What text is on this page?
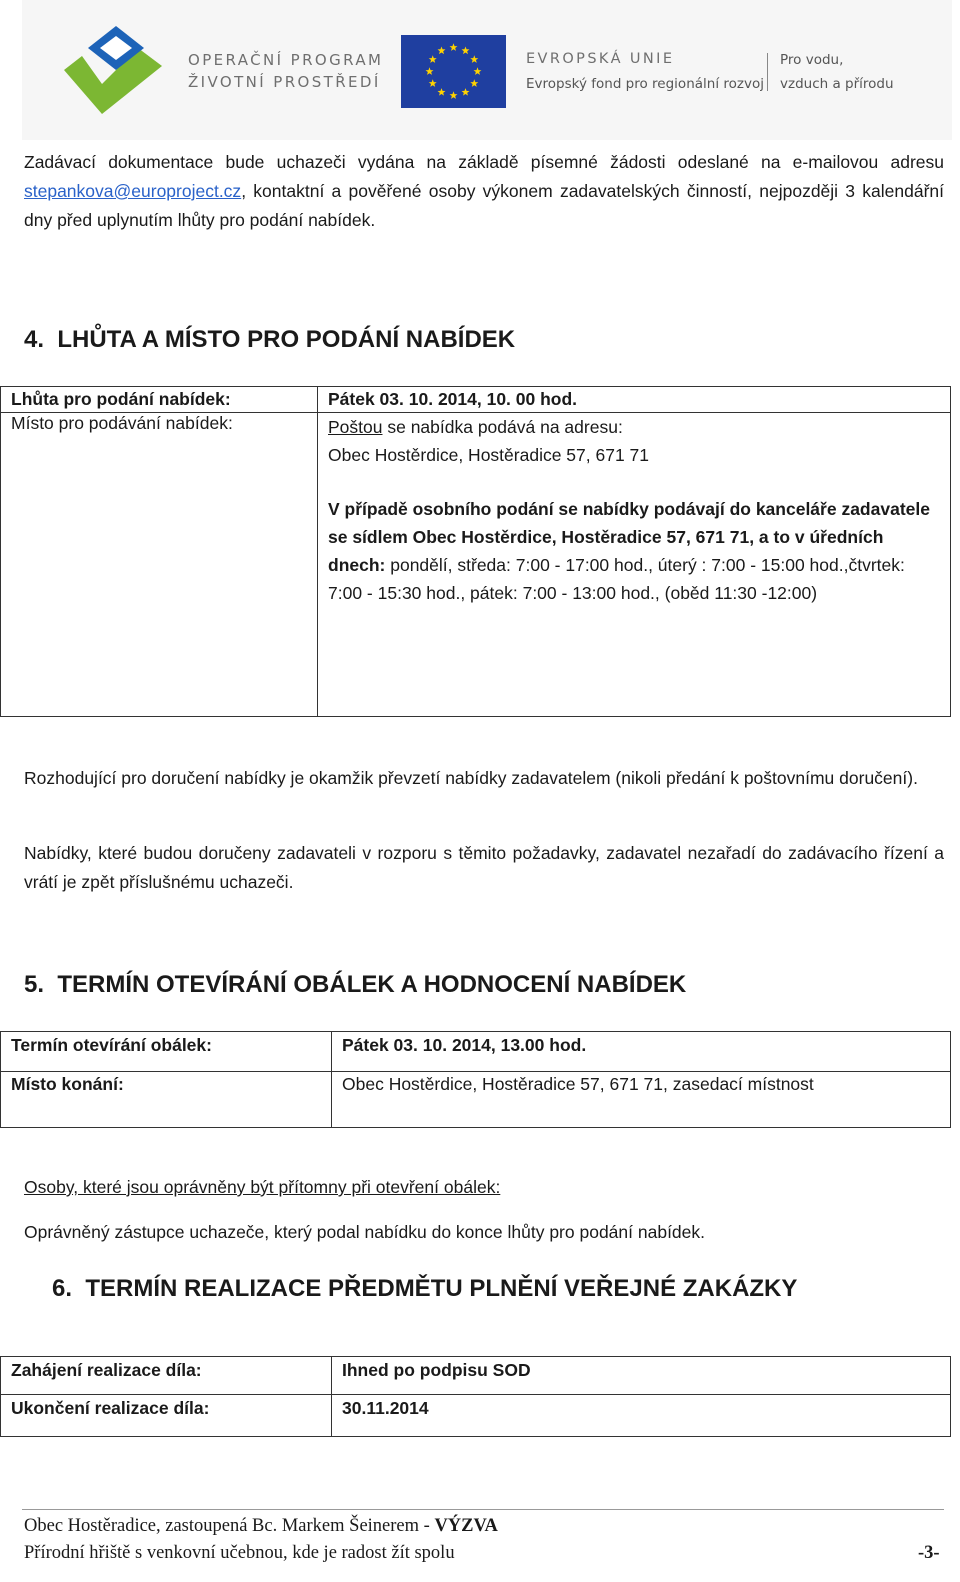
OPERAČNÍ PROGRAM
ŽIVOTNÍ PROSTŘEDÍ
EVROPSKÁ UNIE
Evropský fond pro regionální rozvoj
Pro vodu,
vzduch a přírodu
Zadávací dokumentace bude uchazeči vydána na základě písemné žádosti odeslané na e-mailovou adresu stepankova@europroject.cz, kontaktní a pověřené osoby výkonem zadavatelských činností, nejpozději 3 kalendářní dny před uplynutím lhůty pro podání nabídek.
4.  LHŮTA A MÍSTO PRO PODÁNÍ NABÍDEK
Lhůta pro podání nabídek:	Pátek 03. 10. 2014, 10. 00 hod.
Místo pro podávání nabídek:	Poštou se nabídka podává na adresu:
Obec Hostěrdice, Hostěradice 57, 671 71
V případě osobního podání se nabídky podávají do kanceláře zadavatele se sídlem Obec Hostěrdice, Hostěradice 57, 671 71, a to v úředních dnech: pondělí, středa: 7:00 - 17:00 hod., úterý : 7:00 - 15:00 hod.,čtvrtek: 7:00 - 15:30 hod., pátek: 7:00 - 13:00 hod., (oběd 11:30 -12:00)
Rozhodující pro doručení nabídky je okamžik převzetí nabídky zadavatelem (nikoli předání k poštovnímu doručení).
Nabídky, které budou doručeny zadavateli v rozporu s těmito požadavky, zadavatel nezařadí do zadávacího řízení a vrátí je zpět příslušnému uchazeči.
5.  TERMÍN OTEVÍRÁNÍ OBÁLEK A HODNOCENÍ NABÍDEK
Termín otevírání obálek:	Pátek 03. 10. 2014, 13.00 hod.
Místo konání:	Obec Hostěrdice, Hostěradice 57, 671 71, zasedací místnost
Osoby, které jsou oprávněny být přítomny při otevření obálek:
Oprávněný zástupce uchazeče, který podal nabídku do konce lhůty pro podání nabídek.
6.  TERMÍN REALIZACE PŘEDMĚTU PLNĚNÍ VEŘEJNÉ ZAKÁZKY
Zahájení realizace díla:	Ihned po podpisu SOD
Ukončení realizace díla:	30.11.2014
Obec Hostěradice, zastoupená Bc. Markem Šeinerem - VÝZVA
Přírodní hřiště s venkovní učebnou, kde je radost žít spolu	-3-
